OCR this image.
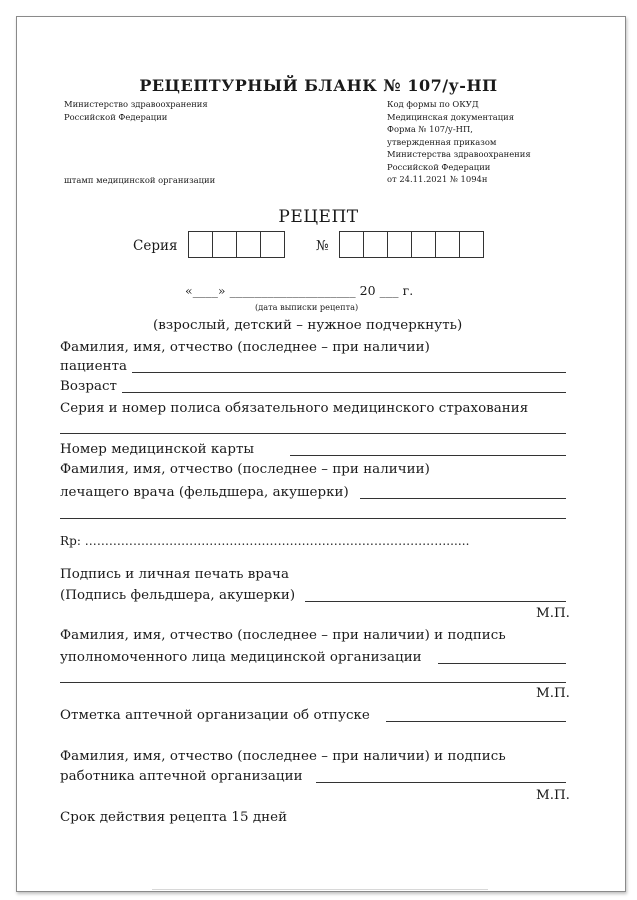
РЕЦЕПТУРНЫЙ БЛАНК № 107/у-НП
Министерство здравоохранения
Российской Федерации
штамп медицинской организации
Код формы по ОКУД
Медицинская документация
Форма № 107/у-НП,
утвержденная приказом
Министерства здравоохранения
Российской Федерации
от 24.11.2021 № 1094н
РЕЦЕПТ
Серия	№
«____» ____________________ 20 ___ г.
(дата выписки рецепта)
(взрослый, детский – нужное подчеркнуть)
Фамилия, имя, отчество (последнее – при наличии)
пациента
Возраст
Серия и номер полиса обязательного медицинского страхования
Номер медицинской карты
Фамилия, имя, отчество (последнее – при наличии)
лечащего врача (фельдшера, акушерки)
Rp: ………………………………………………………………………………......
Подпись и личная печать врача
(Подпись фельдшера, акушерки)
М.П.
Фамилия, имя, отчество (последнее – при наличии) и подпись
уполномоченного лица медицинской организации
М.П.
Отметка аптечной организации об отпуске
Фамилия, имя, отчество (последнее – при наличии) и подпись
работника аптечной организации
М.П.
Срок действия рецепта 15 дней
